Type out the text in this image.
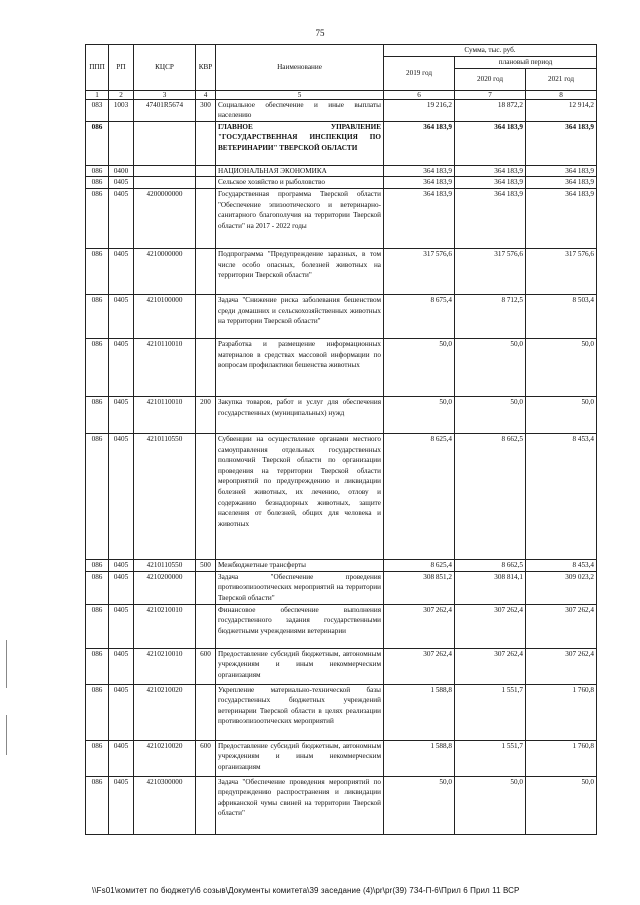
75
ППП	РП	КЦСР	КВР	Наименование	Сумма, тыс. руб.		
					2019 год	плановый период	
						2020 год	2021 год
1	2	3	4	5	6	7	8
083	1003	47401R5674	300	Социальное обеспечение и иные выплаты населению	19 216,2	18 872,2	12 914,2
086				ГЛАВНОЕ УПРАВЛЕНИЕ "ГОСУДАРСТВЕННАЯ ИНСПЕКЦИЯ ПО ВЕТЕРИНАРИИ" ТВЕРСКОЙ ОБЛАСТИ	364 183,9	364 183,9	364 183,9
086	0400			НАЦИОНАЛЬНАЯ ЭКОНОМИКА	364 183,9	364 183,9	364 183,9
086	0405			Сельское хозяйство и рыболовство	364 183,9	364 183,9	364 183,9
086	0405	4200000000		Государственная программа Тверской области "Обеспечение эпизоотического и ветеринарно-санитарного благополучия на территории Тверской области" на 2017 - 2022 годы	364 183,9	364 183,9	364 183,9
086	0405	4210000000		Подпрограмма "Предупреждение заразных, в том числе особо опасных, болезней животных на территории Тверской области"	317 576,6	317 576,6	317 576,6
086	0405	4210100000		Задача "Снижение риска заболевания бешенством среди домашних и сельскохозяйственных животных на территории Тверской области"	8 675,4	8 712,5	8 503,4
086	0405	4210110010		Разработка и размещение информационных материалов в средствах массовой информации по вопросам профилактики бешенства животных	50,0	50,0	50,0
086	0405	4210110010	200	Закупка товаров, работ и услуг для обеспечения государственных (муниципальных) нужд	50,0	50,0	50,0
086	0405	4210110550		Субвенции на осуществление органами местного самоуправления отдельных государственных полномочий Тверской области по организации проведения на территории Тверской области мероприятий по предупреждению и ликвидации болезней животных, их лечению, отлову и содержанию безнадзорных животных, защите населения от болезней, общих для человека и животных	8 625,4	8 662,5	8 453,4
086	0405	4210110550	500	Межбюджетные трансферты	8 625,4	8 662,5	8 453,4
086	0405	4210200000		Задача "Обеспечение проведения противоэпизоотических мероприятий на территории Тверской области"	308 851,2	308 814,1	309 023,2
086	0405	4210210010		Финансовое обеспечение выполнения государственного задания государственными бюджетными учреждениями ветеринарии	307 262,4	307 262,4	307 262,4
086	0405	4210210010	600	Предоставление субсидий бюджетным, автономным учреждениям и иным некоммерческим организациям	307 262,4	307 262,4	307 262,4
086	0405	4210210020		Укрепление материально-технической базы государственных бюджетных учреждений ветеринарии Тверской области в целях реализации противоэпизоотических мероприятий	1 588,8	1 551,7	1 760,8
086	0405	4210210020	600	Предоставление субсидий бюджетным, автономным учреждениям и иным некоммерческим организациям	1 588,8	1 551,7	1 760,8
086	0405	4210300000		Задача "Обеспечение проведения мероприятий по предупреждению распространения и ликвидации африканской чумы свиней на территории Тверской области"	50,0	50,0	50,0
\\Fs01\комитет по бюджету\6 созыв\Документы комитета\39 заседание (4)\pr\pr(39) 734-П-6\Прил 6 Прил 11 ВСР
